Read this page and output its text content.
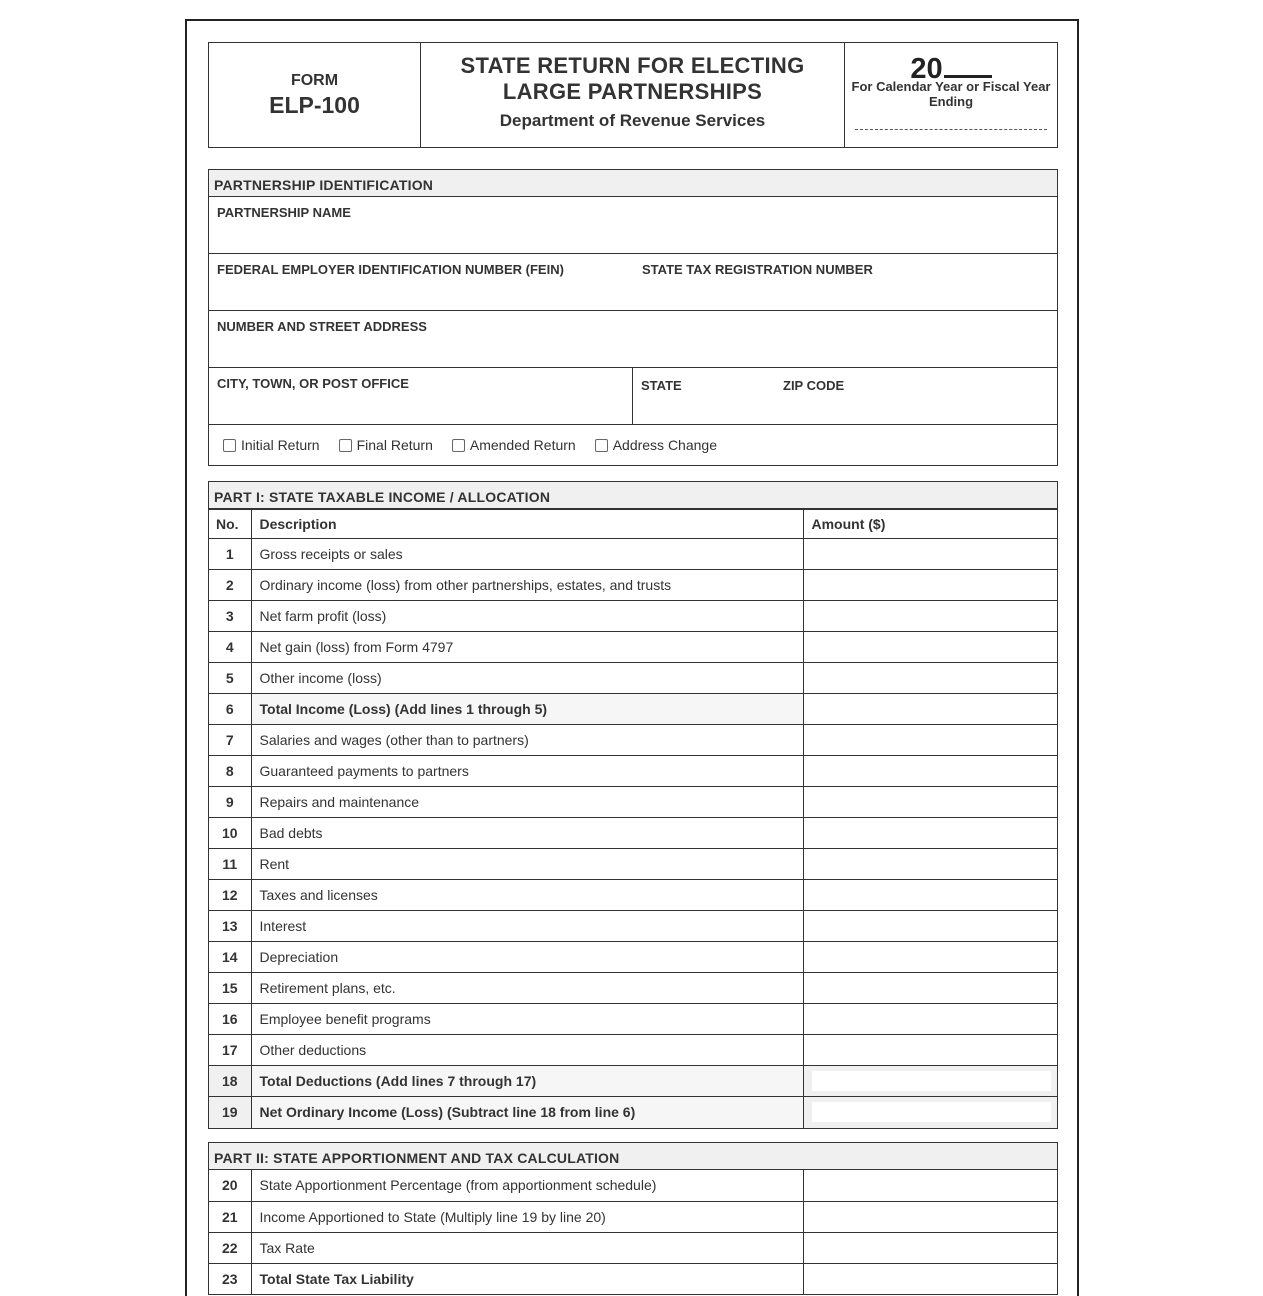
FORM
ELP-100
STATE RETURN FOR ELECTING
LARGE PARTNERSHIPS
Department of Revenue Services
20
For Calendar Year or Fiscal Year Ending
PARTNERSHIP IDENTIFICATION
PARTNERSHIP NAME
FEDERAL EMPLOYER IDENTIFICATION NUMBER (FEIN)	STATE TAX REGISTRATION NUMBER
NUMBER AND STREET ADDRESS
CITY, TOWN, OR POST OFFICE	STATE	ZIP CODE
Initial Return	Final Return	Amended Return	Address Change
PART I: STATE TAXABLE INCOME / ALLOCATION
No.	Description	Amount ($)
1	Gross receipts or sales	
2	Ordinary income (loss) from other partnerships, estates, and trusts	
3	Net farm profit (loss)	
4	Net gain (loss) from Form 4797	
5	Other income (loss)	
6	Total Income (Loss) (Add lines 1 through 5)	
7	Salaries and wages (other than to partners)	
8	Guaranteed payments to partners	
9	Repairs and maintenance	
10	Bad debts	
11	Rent	
12	Taxes and licenses	
13	Interest	
14	Depreciation	
15	Retirement plans, etc.	
16	Employee benefit programs	
17	Other deductions	
18	Total Deductions (Add lines 7 through 17)	

19	Net Ordinary Income (Loss) (Subtract line 18 from line 6)	
PART II: STATE APPORTIONMENT AND TAX CALCULATION
20	State Apportionment Percentage (from apportionment schedule)	
21	Income Apportioned to State (Multiply line 19 by line 20)	
22	Tax Rate	
23	Total State Tax Liability	
